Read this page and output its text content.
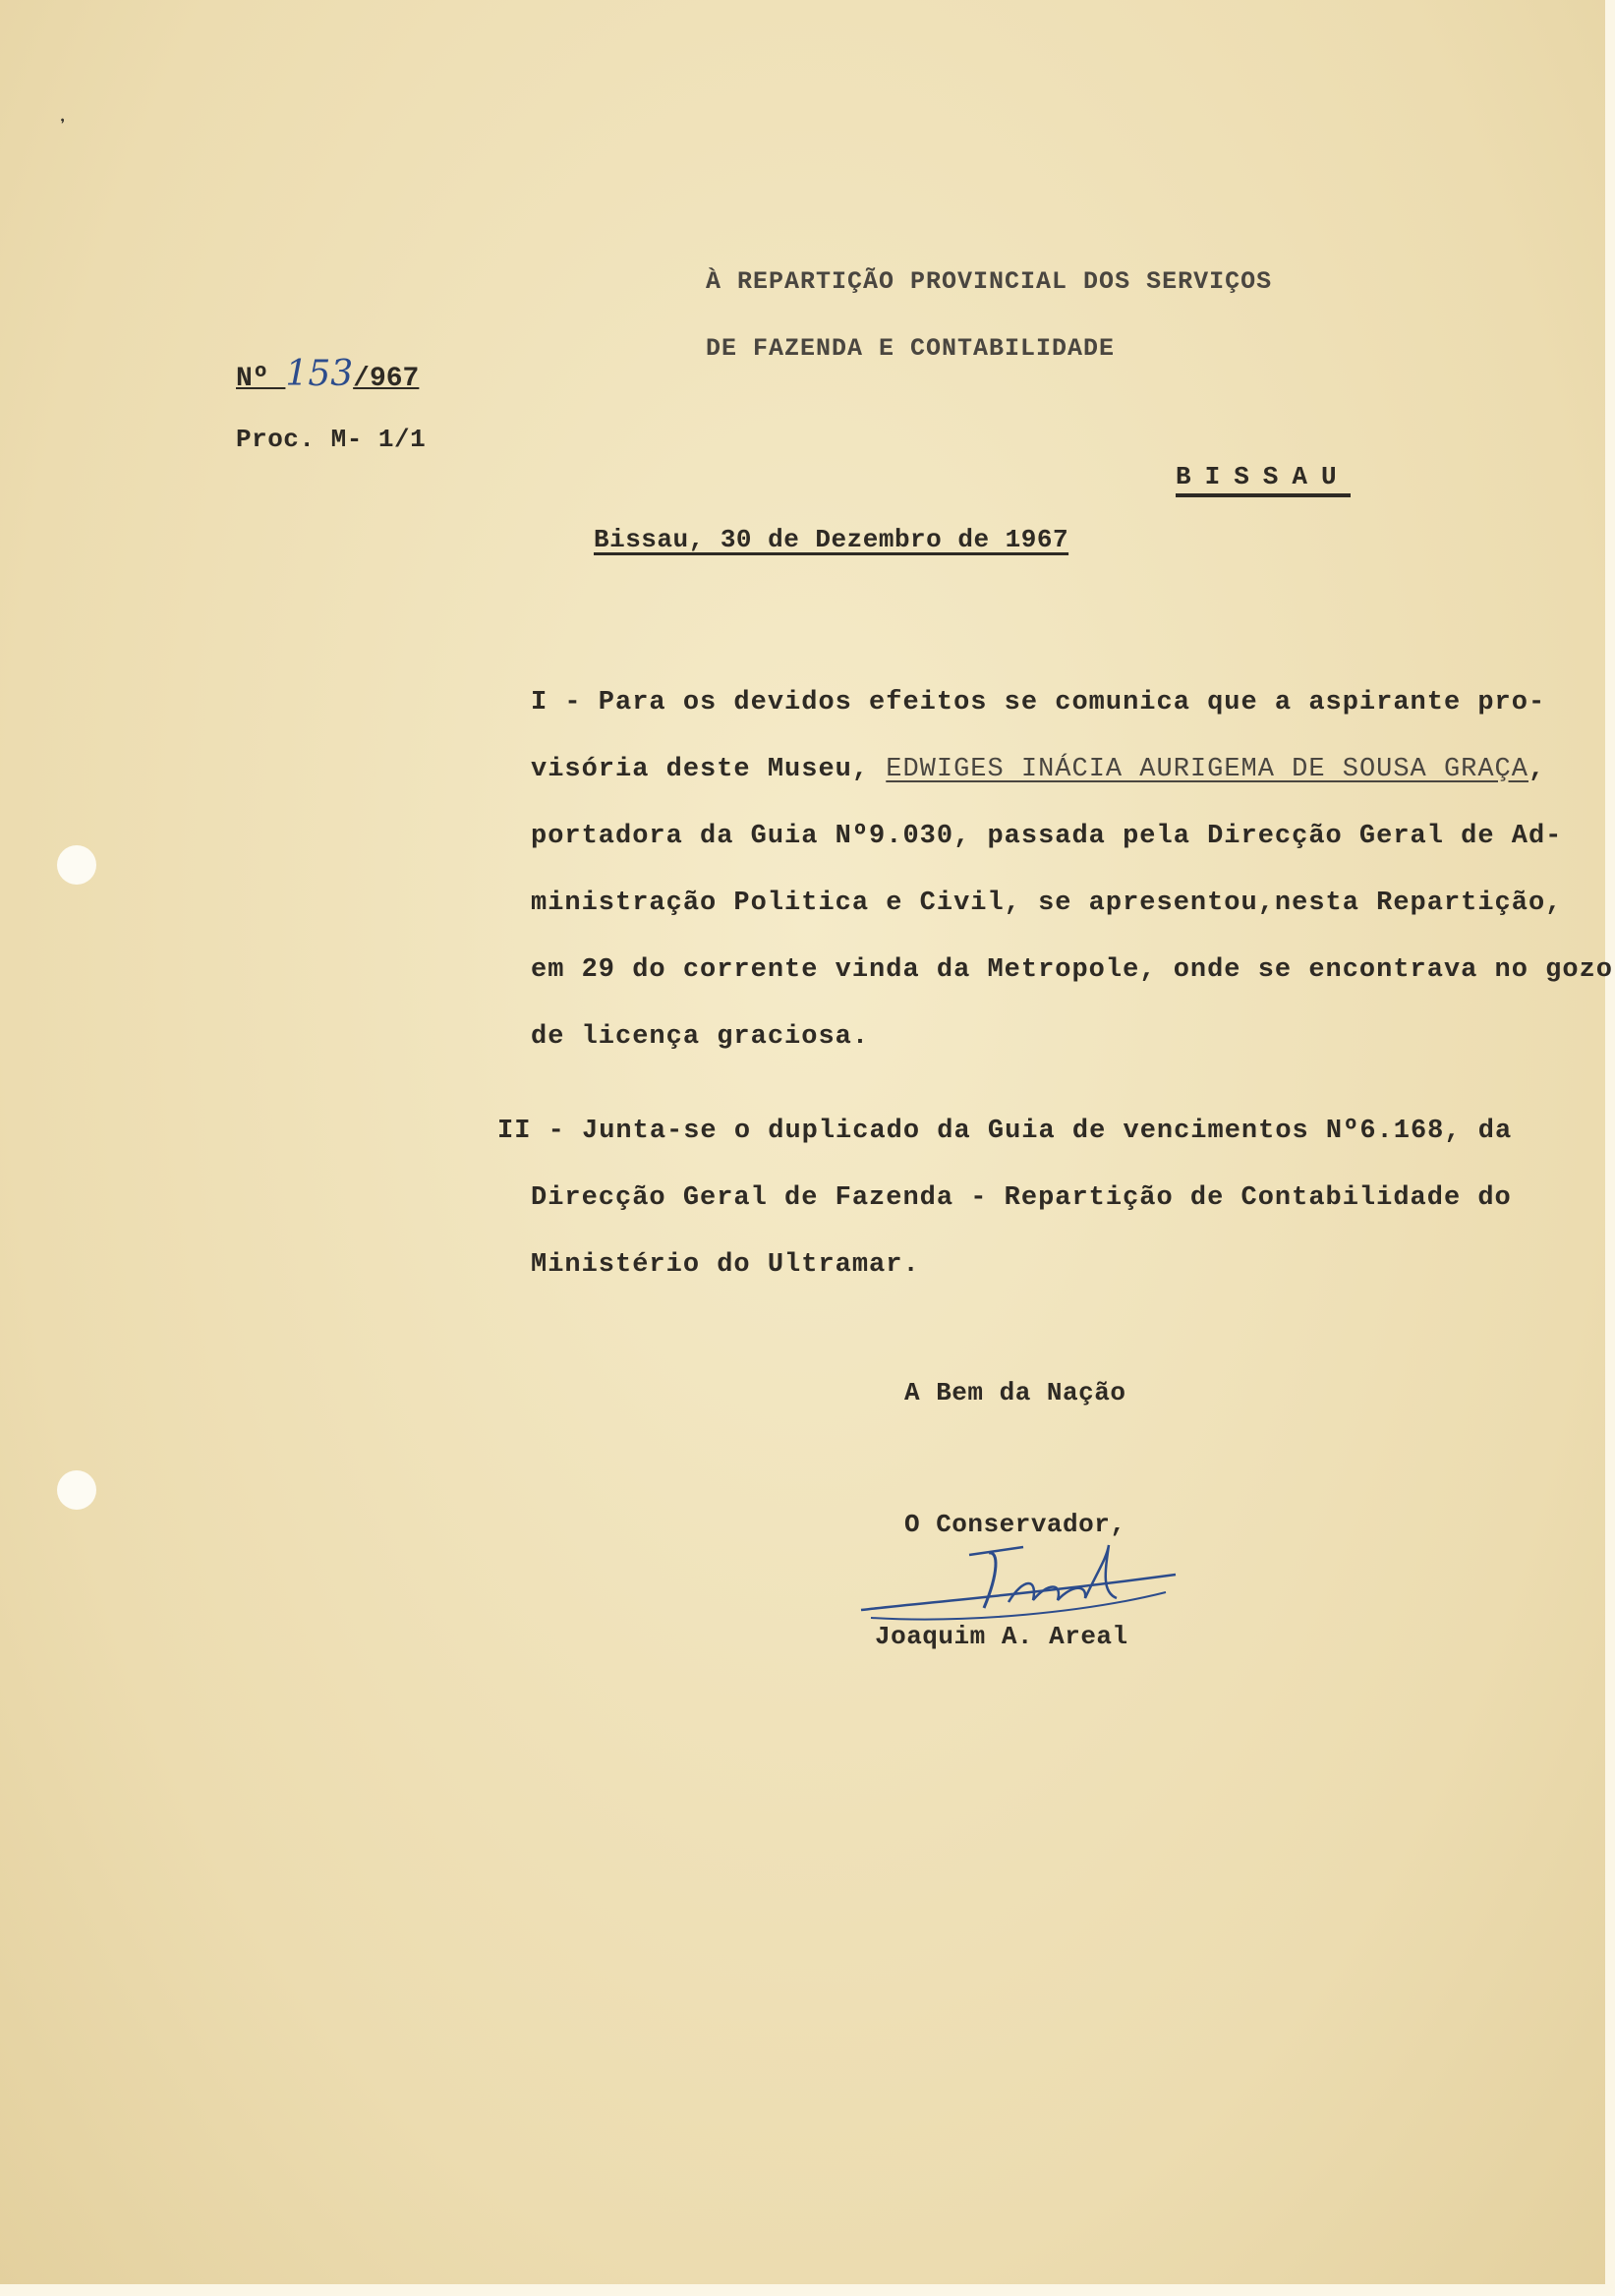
᾽
À REPARTIÇÃO PROVINCIAL DOS SERVIÇOS
DE FAZENDA E CONTABILIDADE
Nº 153/967
Proc. M- 1/1
BISSAU
Bissau, 30 de Dezembro de 1967
I - Para os devidos efeitos se comunica que a aspirante pro-
visória deste Museu, EDWIGES INÁCIA AURIGEMA DE SOUSA GRAÇA,
portadora da Guia Nº9.030, passada pela Direcção Geral de Ad-
ministração Politica e Civil, se apresentou,nesta Repartição,
em 29 do corrente vinda da Metropole, onde se encontrava no gozo
de licença graciosa.
II - Junta-se o duplicado da Guia de vencimentos Nº6.168, da
Direcção Geral de Fazenda - Repartição de Contabilidade do
Ministério do Ultramar.
A Bem da Nação
O Conservador,
Joaquim A. Areal
